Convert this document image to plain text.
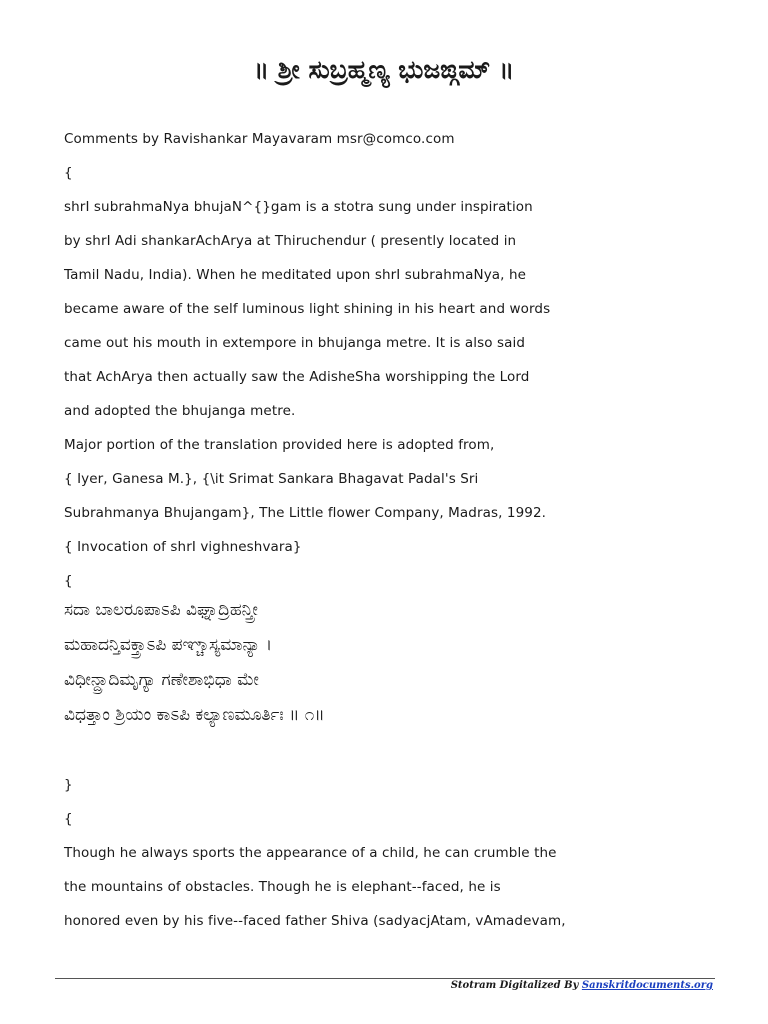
॥ ಶ್ರೀ ಸುಬ್ರಹ್ಮಣ್ಯ ಭುಜಙ್ಗಮ್ ॥
Comments by Ravishankar Mayavaram msr@comco.com
{
shrI subrahmaNya bhujaN^{}gam is a stotra sung under inspiration
by shrI Adi shankarAchArya at Thiruchendur ( presently located in
Tamil Nadu, India). When he meditated upon shrI subrahmaNya, he
became aware of the self luminous light shining in his heart and words
came out his mouth in extempore in bhujanga metre. It is also said
that AchArya then actually saw the AdisheSha worshipping the Lord
and adopted the bhujanga metre.
Major portion of the translation provided here is adopted from,
{ Iyer, Ganesa M.}, {\it Srimat Sankara Bhagavat Padal's Sri
Subrahmanya Bhujangam}, The Little flower Company, Madras, 1992.
{ Invocation of shrI vighneshvara}
{
ಸದಾ ಬಾಲರೂಪಾಽಪಿ ವಿಘ್ನಾದ್ರಿಹನ್ತ್ರೀ
ಮಹಾದನ್ತಿವಕ್ತ್ರಾಽಪಿ ಪಞ್ಚಾಸ್ಯಮಾನ್ಯಾ ।
ವಿಧೀನ್ದ್ರಾದಿಮೃಗ್ಯಾ ಗಣೇಶಾಭಿಧಾ ಮೇ
ವಿಧತ್ತಾಂ ಶ್ರಿಯಂ ಕಾಽಪಿ ಕಲ್ಯಾಣಮೂರ್ತಿಃ ॥ ೧॥
}
{
Though he always sports the appearance of a child, he can crumble the
the mountains of obstacles. Though he is elephant--faced, he is
honored even by his five--faced father Shiva (sadyacjAtam, vAmadevam,
Stotram Digitalized By Sanskritdocuments.org
